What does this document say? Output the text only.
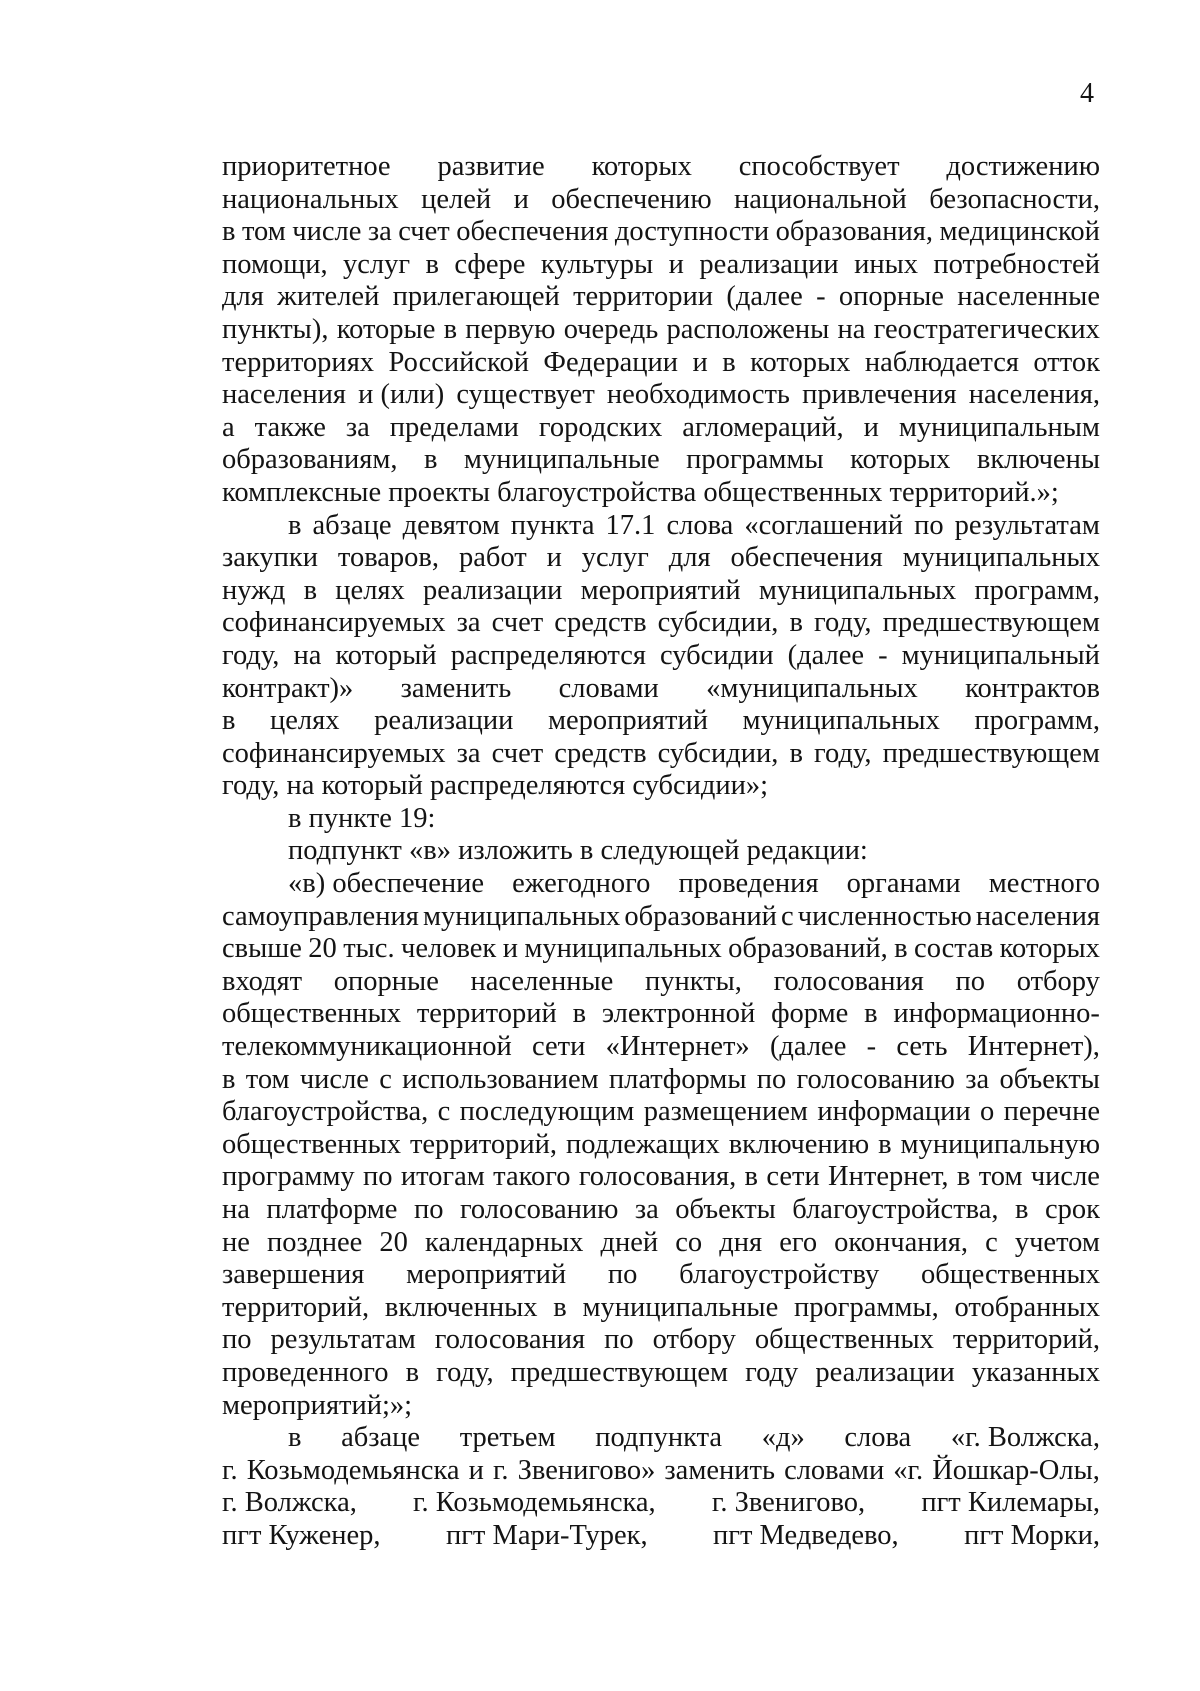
4
приоритетное развитие которых способствует достижению
национальных целей и обеспечению национальной безопасности,
в том числе за счет обеспечения доступности образования, медицинской
помощи, услуг в сфере культуры и реализации иных потребностей
для жителей прилегающей территории (далее - опорные населенные
пункты), которые в первую очередь расположены на геостратегических
территориях Российской Федерации и в которых наблюдается отток
населения и (или) существует необходимость привлечения населения,
а также за пределами городских агломераций, и муниципальным
образованиям, в муниципальные программы которых включены
комплексные проекты благоустройства общественных территорий.»;
в абзаце девятом пункта 17.1 слова «соглашений по результатам
закупки товаров, работ и услуг для обеспечения муниципальных
нужд в целях реализации мероприятий муниципальных программ,
софинансируемых за счет средств субсидии, в году, предшествующем
году, на который распределяются субсидии (далее - муниципальный
контракт)» заменить словами «муниципальных контрактов
в целях реализации мероприятий муниципальных программ,
софинансируемых за счет средств субсидии, в году, предшествующем
году, на который распределяются субсидии»;
в пункте 19:
подпункт «в» изложить в следующей редакции:
«в) обеспечение ежегодного проведения органами местного
самоуправления муниципальных образований с численностью населения
свыше 20 тыс. человек и муниципальных образований, в состав которых
входят опорные населенные пункты, голосования по отбору
общественных территорий в электронной форме в информационно-
телекоммуникационной сети «Интернет» (далее - сеть Интернет),
в том числе с использованием платформы по голосованию за объекты
благоустройства, с последующим размещением информации о перечне
общественных территорий, подлежащих включению в муниципальную
программу по итогам такого голосования, в сети Интернет, в том числе
на платформе по голосованию за объекты благоустройства, в срок
не позднее 20 календарных дней со дня его окончания, с учетом
завершения мероприятий по благоустройству общественных
территорий, включенных в муниципальные программы, отобранных
по результатам голосования по отбору общественных территорий,
проведенного в году, предшествующем году реализации указанных
мероприятий;»;
в абзаце третьем подпункта «д» слова «г. Волжска,
г. Козьмодемьянска и г. Звенигово» заменить словами «г. Йошкар-Олы,
г. Волжска, г. Козьмодемьянска, г. Звенигово, пгт Килемары,
пгт Куженер, пгт Мари-Турек, пгт Медведево, пгт Морки,
